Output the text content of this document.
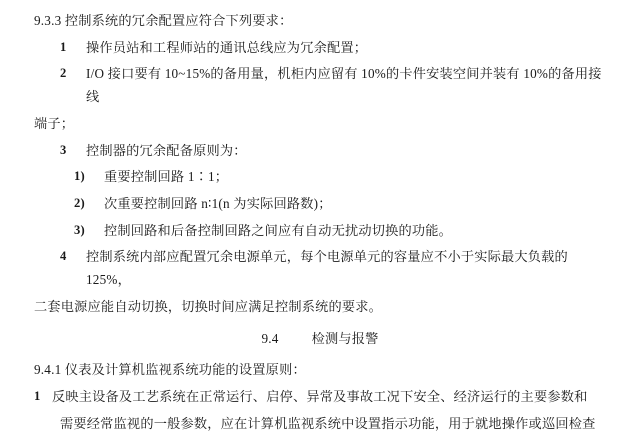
9.3.3 控制系统的冗余配置应符合下列要求：

1	操作员站和工程师站的通讯总线应为冗余配置；
2	I/O 接口要有 10~15%的备用量，机柜内应留有 10%的卡件安装空间并装有 10%的备用接线

端子；

3	控制器的冗余配备原则为：
1)	重要控制回路 1∶1；
2)	次重要控制回路 n∶1(n 为实际回路数)；
3)	控制回路和后备控制回路之间应有自动无扰动切换的功能。
4	控制系统内部应配置冗余电源单元，每个电源单元的容量应不小于实际最大负载的 125%，

二套电源应能自动切换，切换时间应满足控制系统的要求。

9.4	检测与报警

9.4.1 仪表及计算机监视系统功能的设置原则：

1 反映主设备及工艺系统在正常运行、启停、异常及事故工况下安全、经济运行的主要参数和

需要经常监视的一般参数，应在计算机监视系统中设置指示功能，用于就地操作或巡回检查
